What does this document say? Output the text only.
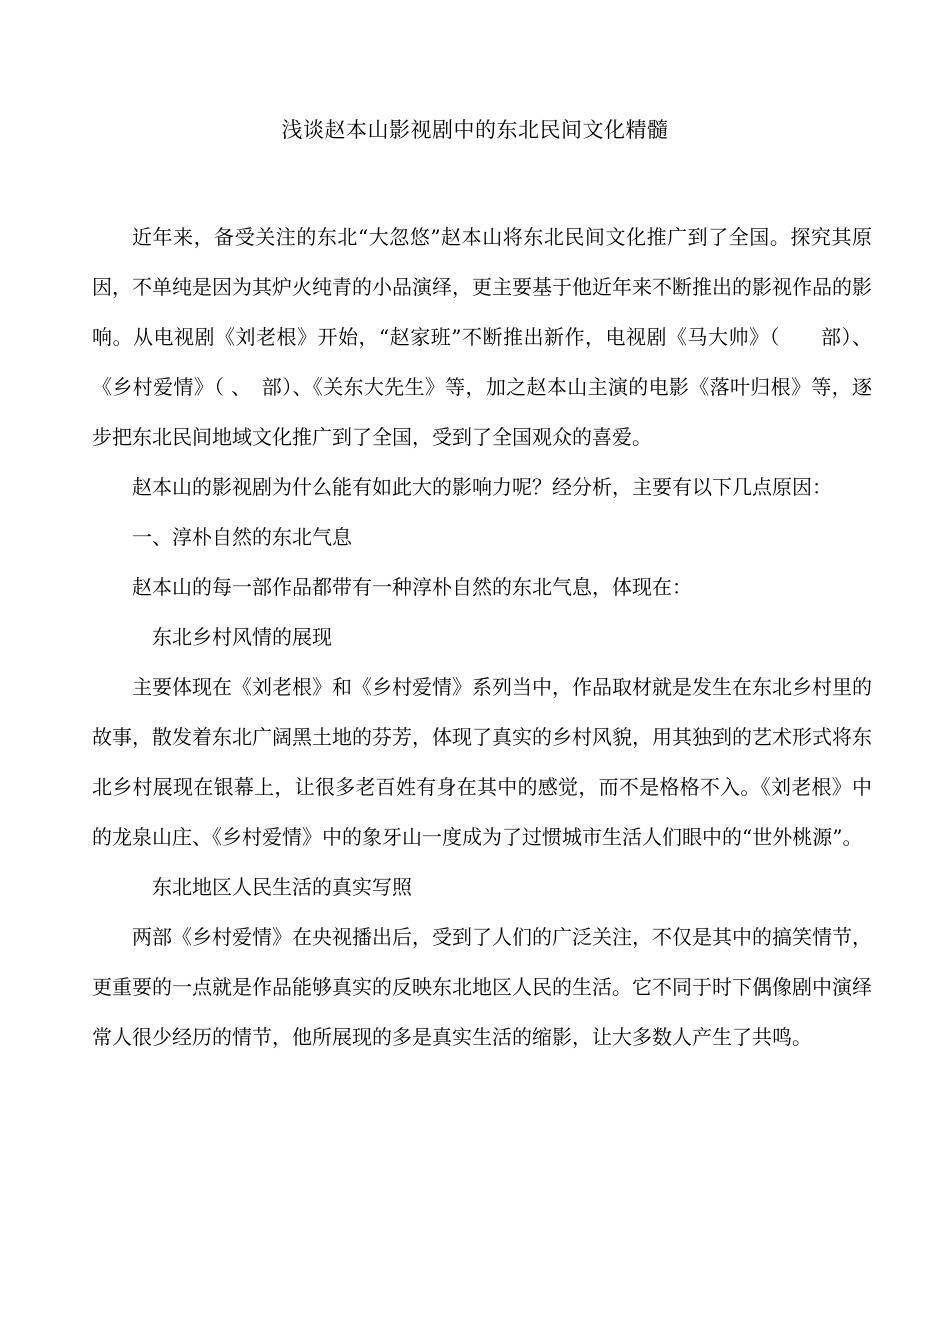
浅谈赵本山影视剧中的东北民间文化精髓

近年来，备受关注的东北“大忽悠”赵本山将东北民间文化推广到了全国。探究其原因，不单纯是因为其炉火纯青的小品演绎，更主要基于他近年来不断推出的影视作品的影响。从电视剧《刘老根》开始，“赵家班”不断推出新作，电视剧《马大帅》（　　部）、《乡村爱情》（ 、　部）、《关东大先生》等，加之赵本山主演的电影《落叶归根》等，逐步把东北民间地域文化推广到了全国，受到了全国观众的喜爱。

赵本山的影视剧为什么能有如此大的影响力呢？经分析，主要有以下几点原因：

一、淳朴自然的东北气息

赵本山的每一部作品都带有一种淳朴自然的东北气息，体现在：

东北乡村风情的展现

主要体现在《刘老根》和《乡村爱情》系列当中，作品取材就是发生在东北乡村里的故事，散发着东北广阔黑土地的芬芳，体现了真实的乡村风貌，用其独到的艺术形式将东北乡村展现在银幕上，让很多老百姓有身在其中的感觉，而不是格格不入。《刘老根》中的龙泉山庄、《乡村爱情》中的象牙山一度成为了过惯城市生活人们眼中的“世外桃源”。

东北地区人民生活的真实写照

两部《乡村爱情》在央视播出后，受到了人们的广泛关注，不仅是其中的搞笑情节，更重要的一点就是作品能够真实的反映东北地区人民的生活。它不同于时下偶像剧中演绎常人很少经历的情节，他所展现的多是真实生活的缩影，让大多数人产生了共鸣。
